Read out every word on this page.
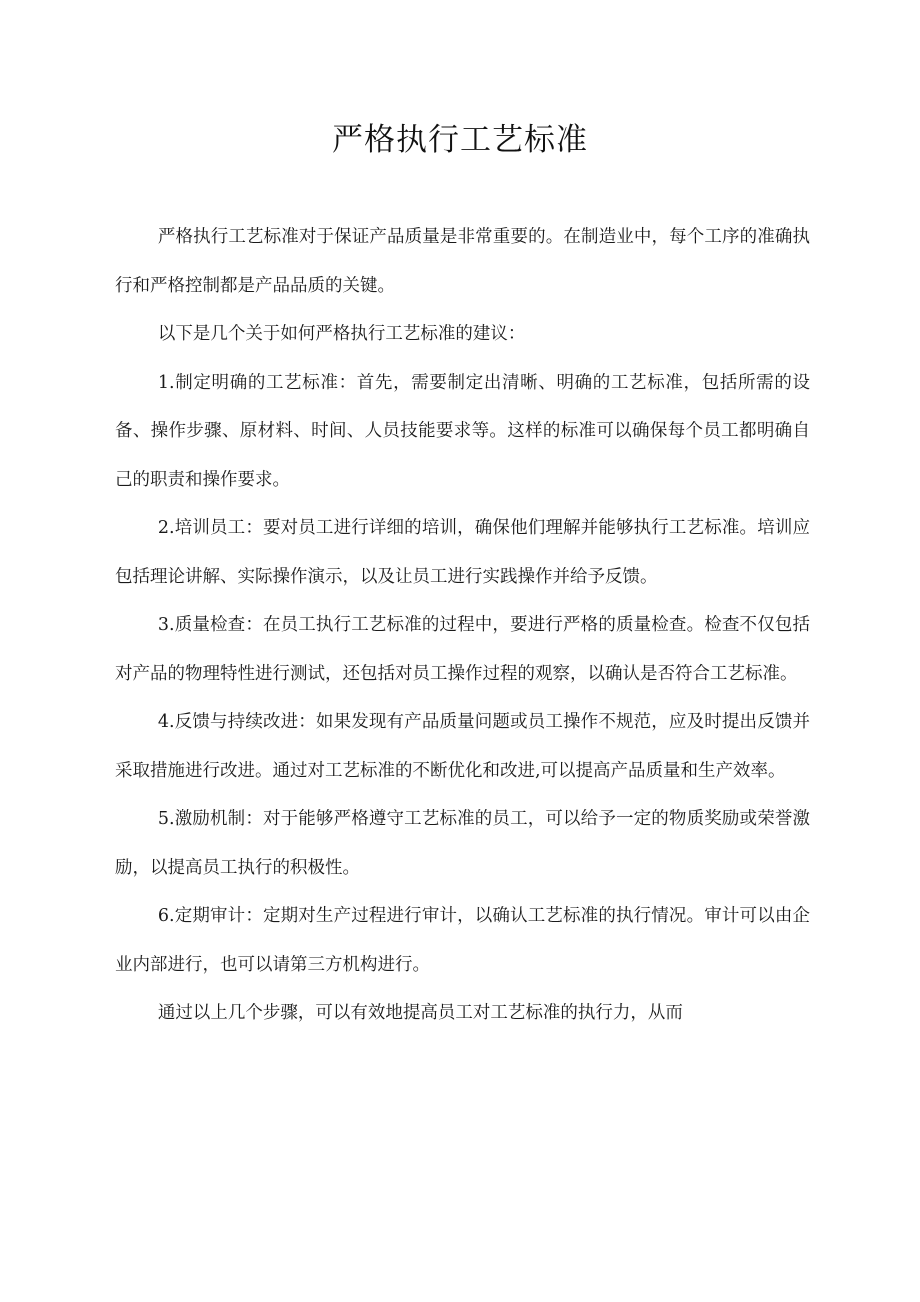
严格执行工艺标准

严格执行工艺标准对于保证产品质量是非常重要的。在制造业中，每个工序的准确执行和严格控制都是产品品质的关键。

以下是几个关于如何严格执行工艺标准的建议：

1.制定明确的工艺标准：首先，需要制定出清晰、明确的工艺标准，包括所需的设备、操作步骤、原材料、时间、人员技能要求等。这样的标准可以确保每个员工都明确自己的职责和操作要求。

2.培训员工：要对员工进行详细的培训，确保他们理解并能够执行工艺标准。培训应包括理论讲解、实际操作演示，以及让员工进行实践操作并给予反馈。

3.质量检查：在员工执行工艺标准的过程中，要进行严格的质量检查。检查不仅包括对产品的物理特性进行测试，还包括对员工操作过程的观察，以确认是否符合工艺标准。

4.反馈与持续改进：如果发现有产品质量问题或员工操作不规范，应及时提出反馈并采取措施进行改进。通过对工艺标准的不断优化和改进,可以提高产品质量和生产效率。

5.激励机制：对于能够严格遵守工艺标准的员工，可以给予一定的物质奖励或荣誉激励，以提高员工执行的积极性。

6.定期审计：定期对生产过程进行审计，以确认工艺标准的执行情况。审计可以由企业内部进行，也可以请第三方机构进行。

通过以上几个步骤，可以有效地提高员工对工艺标准的执行力，从而
